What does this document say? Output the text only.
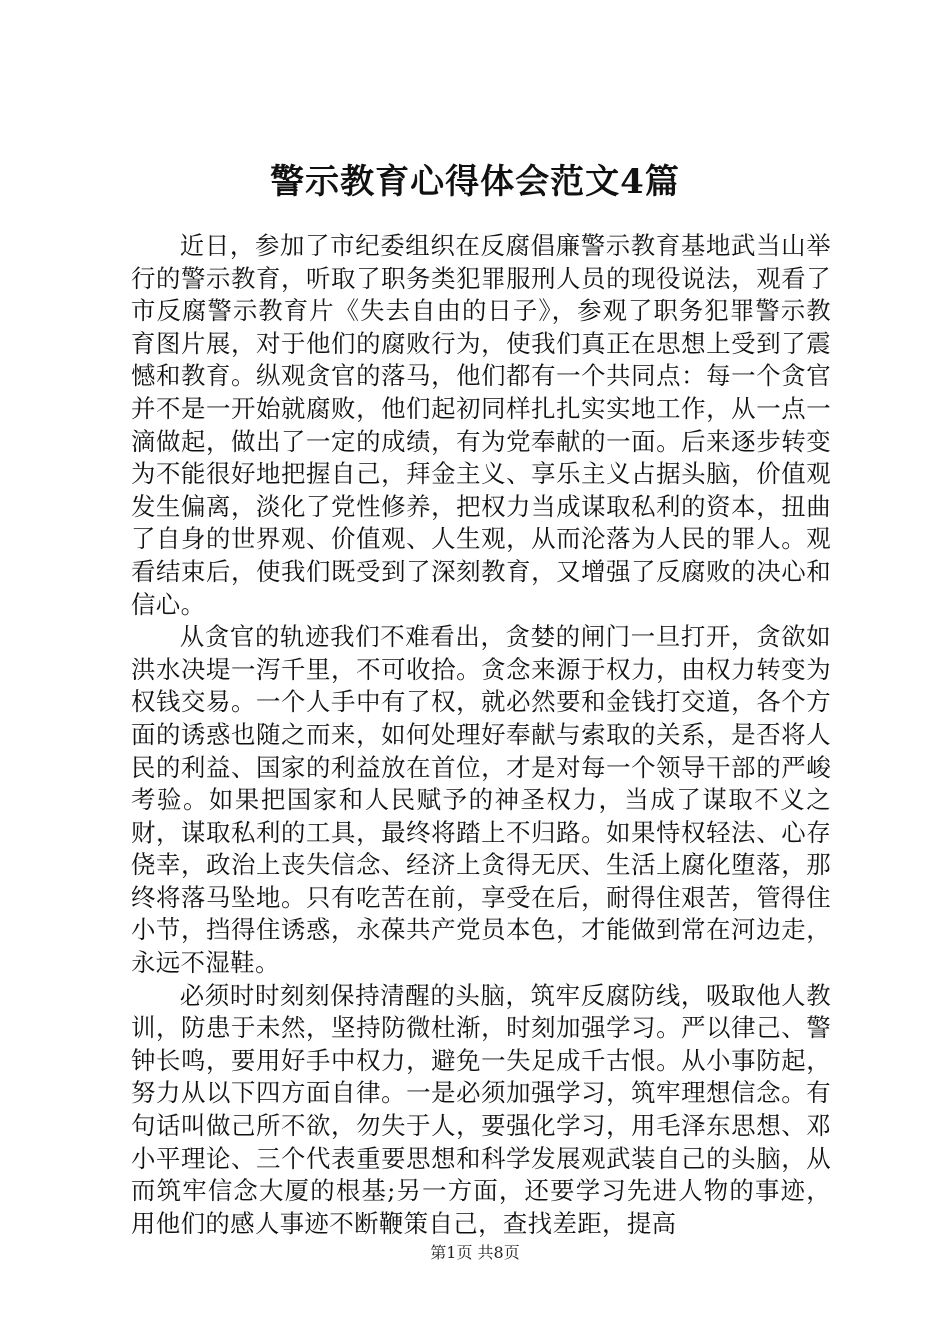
警示教育心得体会范文4篇

近日，参加了市纪委组织在反腐倡廉警示教育基地武当山举行的警示教育，听取了职务类犯罪服刑人员的现役说法，观看了市反腐警示教育片《失去自由的日子》，参观了职务犯罪警示教育图片展，对于他们的腐败行为，使我们真正在思想上受到了震憾和教育。纵观贪官的落马，他们都有一个共同点：每一个贪官并不是一开始就腐败，他们起初同样扎扎实实地工作，从一点一滴做起，做出了一定的成绩，有为党奉献的一面。后来逐步转变为不能很好地把握自己，拜金主义、享乐主义占据头脑，价值观发生偏离，淡化了党性修养，把权力当成谋取私利的资本，扭曲了自身的世界观、价值观、人生观，从而沦落为人民的罪人。观看结束后，使我们既受到了深刻教育，又增强了反腐败的决心和信心。

从贪官的轨迹我们不难看出，贪婪的闸门一旦打开，贪欲如洪水决堤一泻千里，不可收拾。贪念来源于权力，由权力转变为权钱交易。一个人手中有了权，就必然要和金钱打交道，各个方面的诱惑也随之而来，如何处理好奉献与索取的关系，是否将人民的利益、国家的利益放在首位，才是对每一个领导干部的严峻考验。如果把国家和人民赋予的神圣权力，当成了谋取不义之财，谋取私利的工具，最终将踏上不归路。如果恃权轻法、心存侥幸，政治上丧失信念、经济上贪得无厌、生活上腐化堕落，那终将落马坠地。只有吃苦在前，享受在后，耐得住艰苦，管得住小节，挡得住诱惑，永葆共产党员本色，才能做到常在河边走，永远不湿鞋。

必须时时刻刻保持清醒的头脑，筑牢反腐防线，吸取他人教训，防患于未然，坚持防微杜渐，时刻加强学习。严以律己、警钟长鸣，要用好手中权力，避免一失足成千古恨。从小事防起，努力从以下四方面自律。一是必须加强学习，筑牢理想信念。有句话叫做己所不欲，勿失于人，要强化学习，用毛泽东思想、邓小平理论、三个代表重要思想和科学发展观武装自己的头脑，从而筑牢信念大厦的根基;另一方面，还要学习先进人物的事迹，用他们的感人事迹不断鞭策自己，查找差距，提高

第1页 共8页
